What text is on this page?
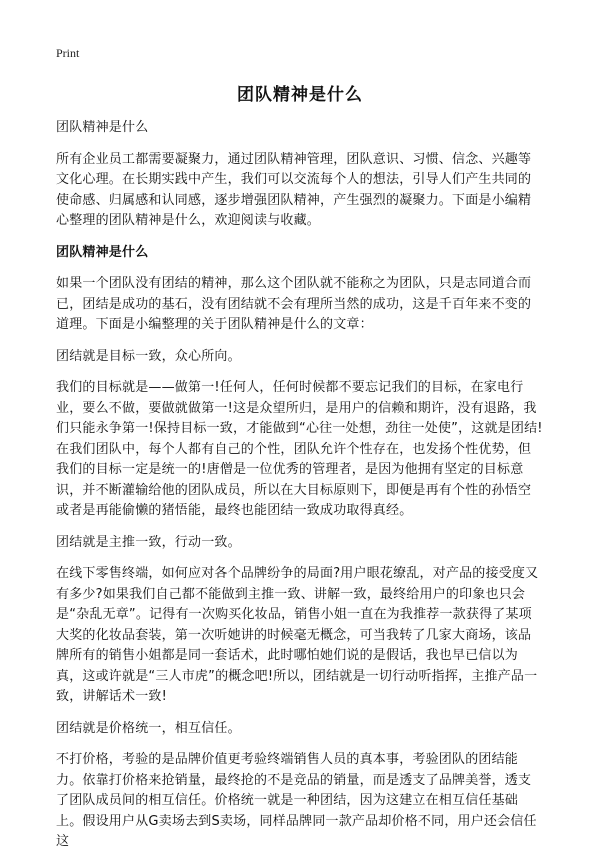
Print
团队精神是什么

团队精神是什么

所有企业员工都需要凝聚力，通过团队精神管理，团队意识、习惯、信念、兴趣等文化心理。在长期实践中产生，我们可以交流每个人的想法，引导人们产生共同的使命感、归属感和认同感，逐步增强团队精神，产生强烈的凝聚力。下面是小编精心整理的团队精神是什么，欢迎阅读与收藏。

团队精神是什么

如果一个团队没有团结的精神，那么这个团队就不能称之为团队，只是志同道合而已，团结是成功的基石，没有团结就不会有理所当然的成功，这是千百年来不变的道理。下面是小编整理的关于团队精神是什么的文章：

团结就是目标一致，众心所向。

我们的目标就是——做第一!任何人，任何时候都不要忘记我们的目标，在家电行业，要么不做，要做就做第一!这是众望所归，是用户的信赖和期许，没有退路，我们只能永争第一!保持目标一致，才能做到“心往一处想，劲往一处使”，这就是团结!在我们团队中，每个人都有自己的个性，团队允许个性存在，也发扬个性优势，但我们的目标一定是统一的!唐僧是一位优秀的管理者，是因为他拥有坚定的目标意识，并不断灌输给他的团队成员，所以在大目标原则下，即便是再有个性的孙悟空或者是再能偷懒的猪悟能，最终也能团结一致成功取得真经。

团结就是主推一致，行动一致。

在线下零售终端，如何应对各个品牌纷争的局面?用户眼花缭乱，对产品的接受度又有多少?如果我们自己都不能做到主推一致、讲解一致，最终给用户的印象也只会是“杂乱无章”。记得有一次购买化妆品，销售小姐一直在为我推荐一款获得了某项大奖的化妆品套装，第一次听她讲的时候毫无概念，可当我转了几家大商场，该品牌所有的销售小姐都是同一套话术，此时哪怕她们说的是假话，我也早已信以为真，这或许就是“三人市虎”的概念吧!所以，团结就是一切行动听指挥，主推产品一致，讲解话术一致!

团结就是价格统一，相互信任。

不打价格，考验的是品牌价值更考验终端销售人员的真本事，考验团队的团结能力。依靠打价格来抢销量，最终抢的不是竞品的销量，而是透支了品牌美誉，透支了团队成员间的相互信任。价格统一就是一种团结，因为这建立在相互信任基础上。假设用户从G卖场去到S卖场，同样品牌同一款产品却价格不同，用户还会信任这
